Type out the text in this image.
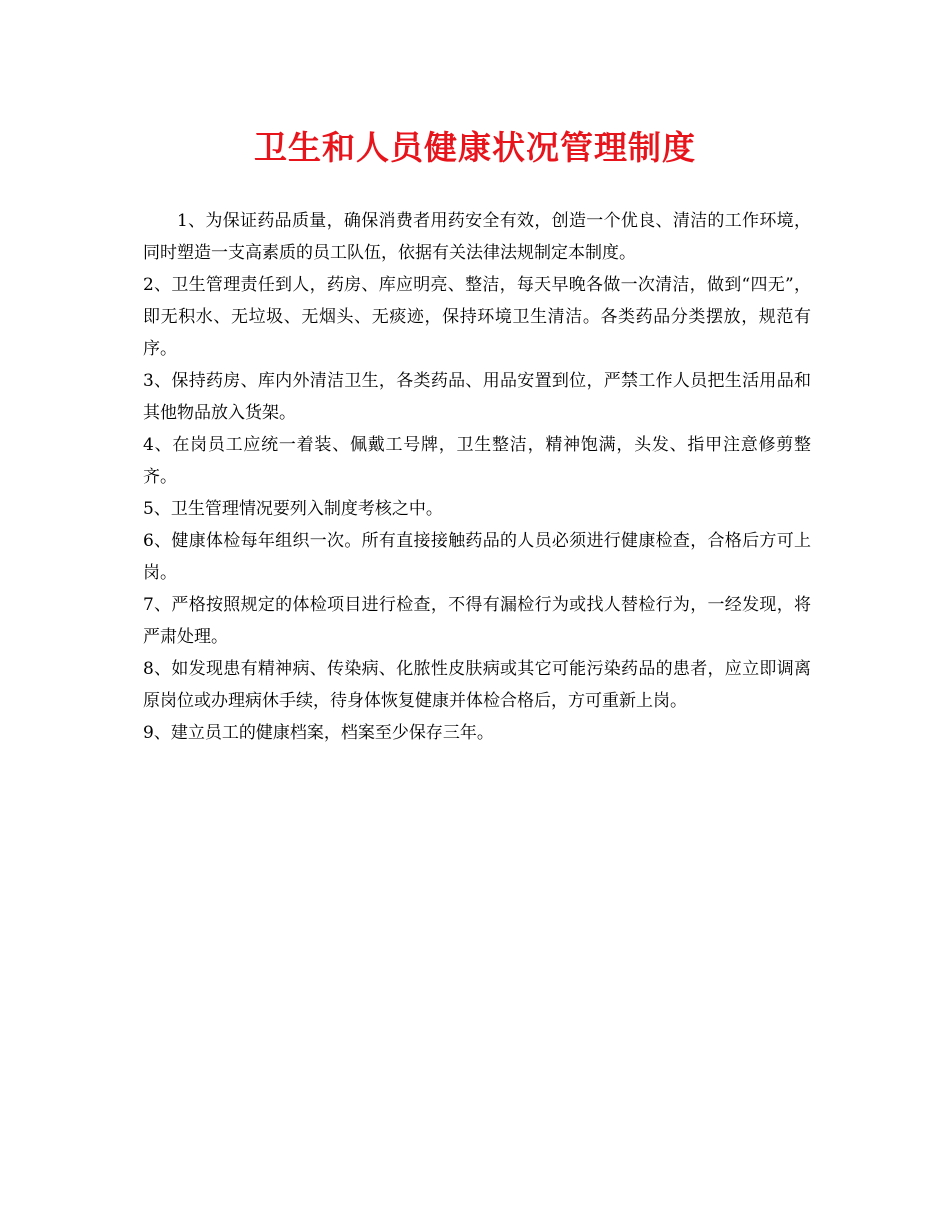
卫生和人员健康状况管理制度

1、为保证药品质量，确保消费者用药安全有效，创造一个优良、清洁的工作环境，同时塑造一支高素质的员工队伍，依据有关法律法规制定本制度。

2、卫生管理责任到人，药房、库应明亮、整洁，每天早晚各做一次清洁，做到“四无”，即无积水、无垃圾、无烟头、无痰迹，保持环境卫生清洁。各类药品分类摆放，规范有序。

3、保持药房、库内外清洁卫生，各类药品、用品安置到位，严禁工作人员把生活用品和其他物品放入货架。

4、在岗员工应统一着装、佩戴工号牌，卫生整洁，精神饱满，头发、指甲注意修剪整齐。

5、卫生管理情况要列入制度考核之中。

6、健康体检每年组织一次。所有直接接触药品的人员必须进行健康检查，合格后方可上岗。

7、严格按照规定的体检项目进行检查，不得有漏检行为或找人替检行为，一经发现，将严肃处理。

8、如发现患有精神病、传染病、化脓性皮肤病或其它可能污染药品的患者，应立即调离原岗位或办理病休手续，待身体恢复健康并体检合格后，方可重新上岗。

9、建立员工的健康档案，档案至少保存三年。
